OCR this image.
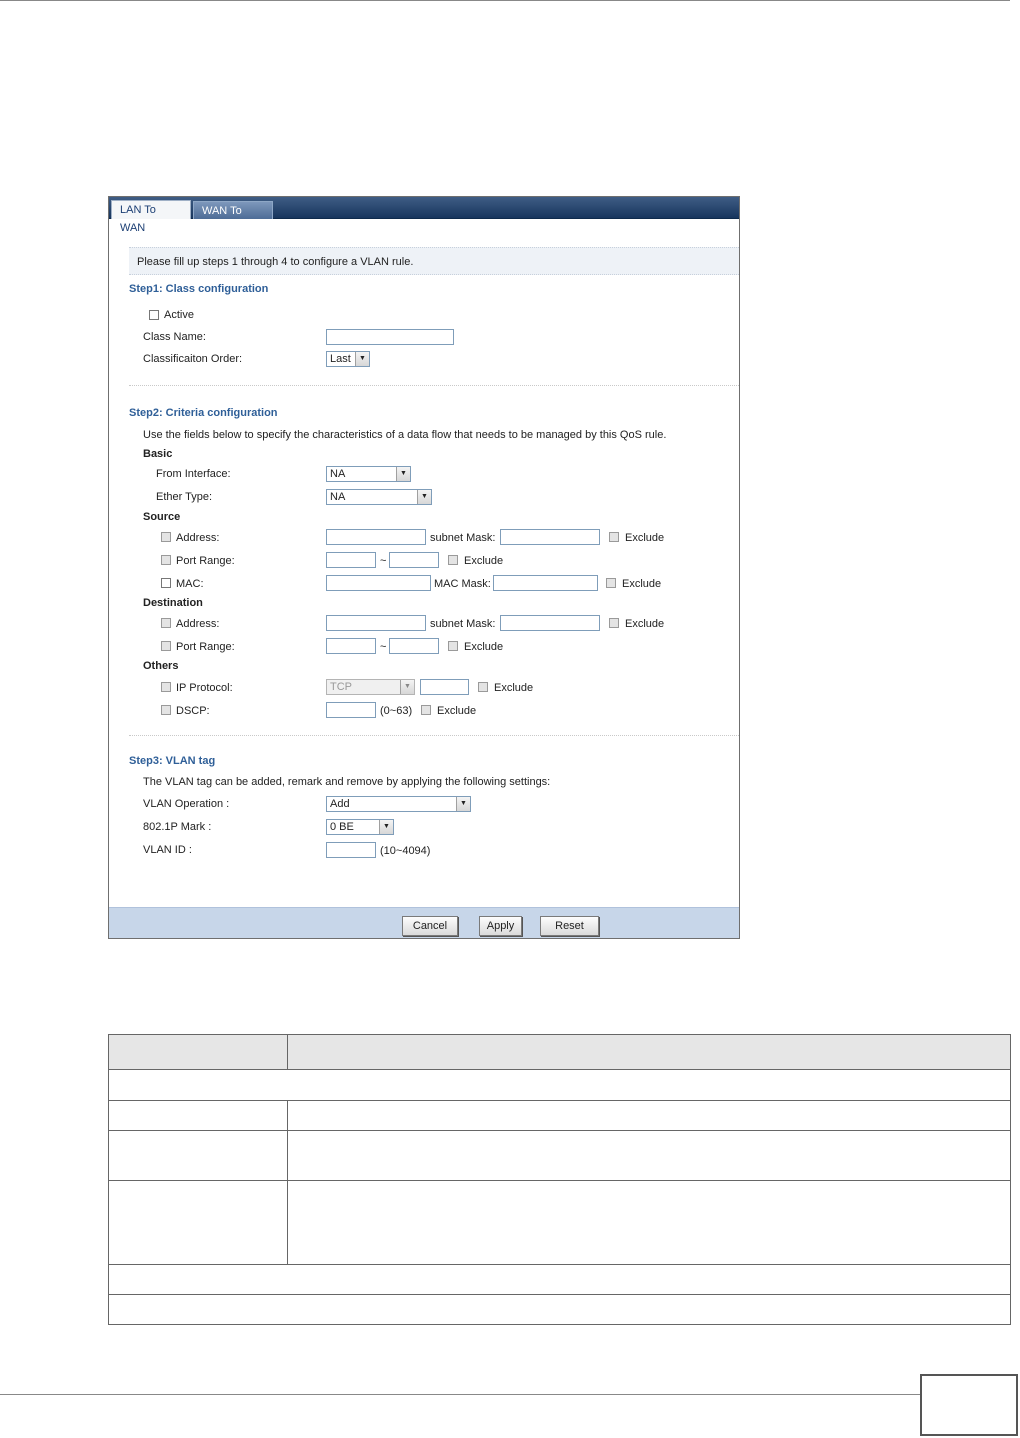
LAN To WAN
WAN To LAN
Please fill up steps 1 through 4 to configure a VLAN rule.
Step1: Class configuration
Active
Class Name:
Classificaiton Order:	Last	▼
Step2: Criteria configuration
Use the fields below to specify the characteristics of a data flow that needs to be managed by this QoS rule.
Basic
From Interface:	NA	▼
Ether Type:	NA	▼
Source
Address:	subnet Mask:	Exclude
Port Range:	~	Exclude
MAC:	MAC Mask:	Exclude
Destination
Address:	subnet Mask:	Exclude
Port Range:	~	Exclude
Others
IP Protocol:	TCP	▼	Exclude
DSCP:	(0~63) Exclude
Step3: VLAN tag
The VLAN tag can be added, remark and remove by applying the following settings:
VLAN Operation :	Add	▼
802.1P Mark :	0 BE	▼
VLAN ID :	(10~4094)
Cancel	Apply	Reset
